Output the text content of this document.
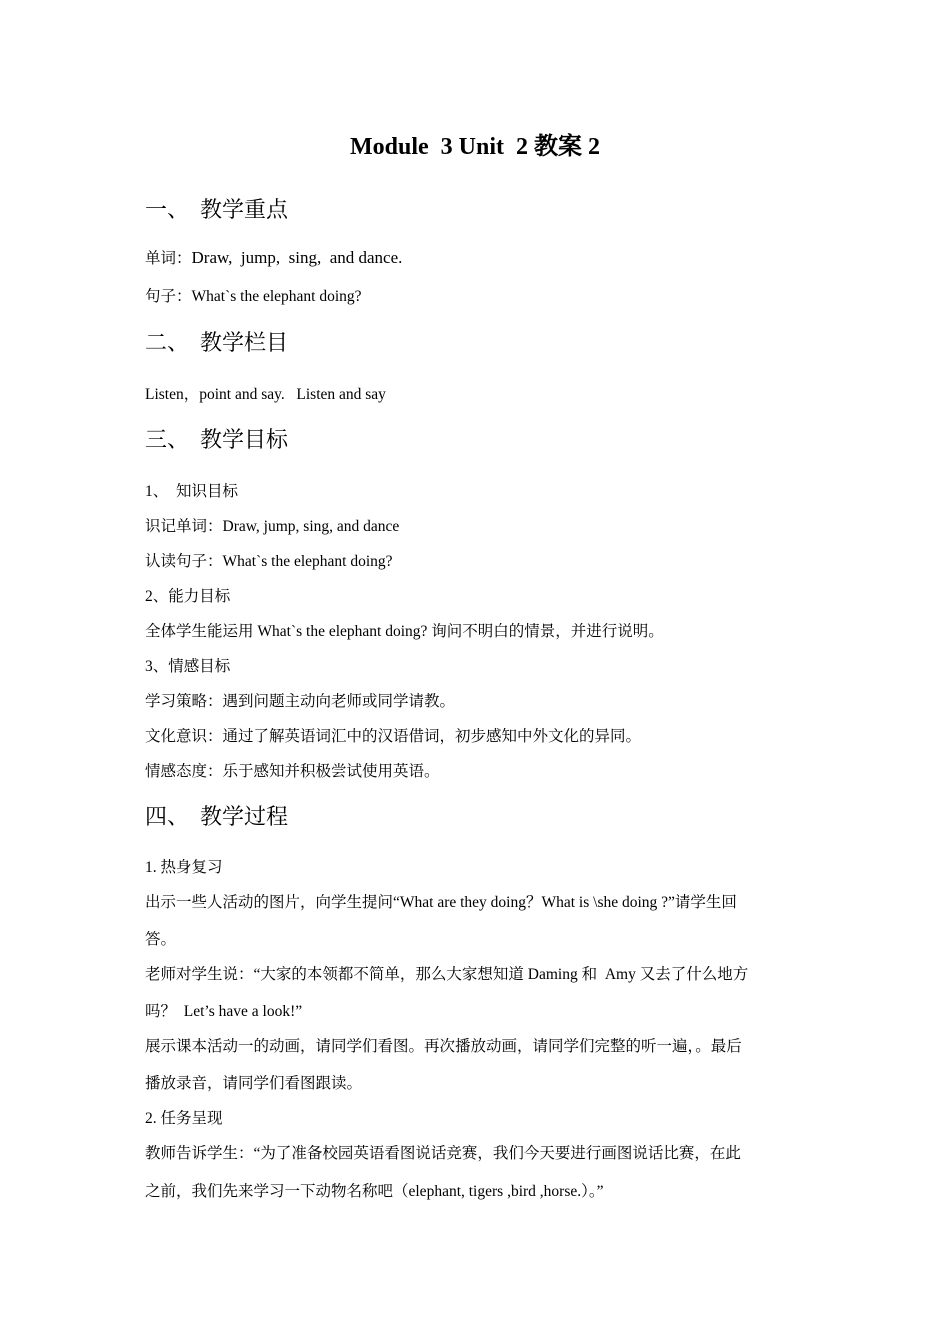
Module  3 Unit  2 教案 2
一、  教学重点
单词：Draw,  jump,  sing,  and dance.
句子：What`s the elephant doing?
二、  教学栏目
Listen，point and say.   Listen and say
三、  教学目标
1、  知识目标
识记单词：Draw, jump, sing, and dance
认读句子：What`s the elephant doing?
2、能力目标
全体学生能运用 What`s the elephant doing? 询问不明白的情景，并进行说明。
3、情感目标
学习策略：遇到问题主动向老师或同学请教。
文化意识：通过了解英语词汇中的汉语借词，初步感知中外文化的异同。
情感态度：乐于感知并积极尝试使用英语。
四、  教学过程
1. 热身复习
出示一些人活动的图片，向学生提问“What are they doing？What is \she doing ?”请学生回
答。
老师对学生说：“大家的本领都不简单，那么大家想知道 Daming 和  Amy 又去了什么地方
吗？  Let’s have a look!”
展示课本活动一的动画，请同学们看图。再次播放动画，请同学们完整的听一遍，。最后
播放录音，请同学们看图跟读。
2. 任务呈现
教师告诉学生：“为了准备校园英语看图说话竞赛，我们今天要进行画图说话比赛，在此
之前，我们先来学习一下动物名称吧（elephant, tigers ,bird ,horse.）。”
